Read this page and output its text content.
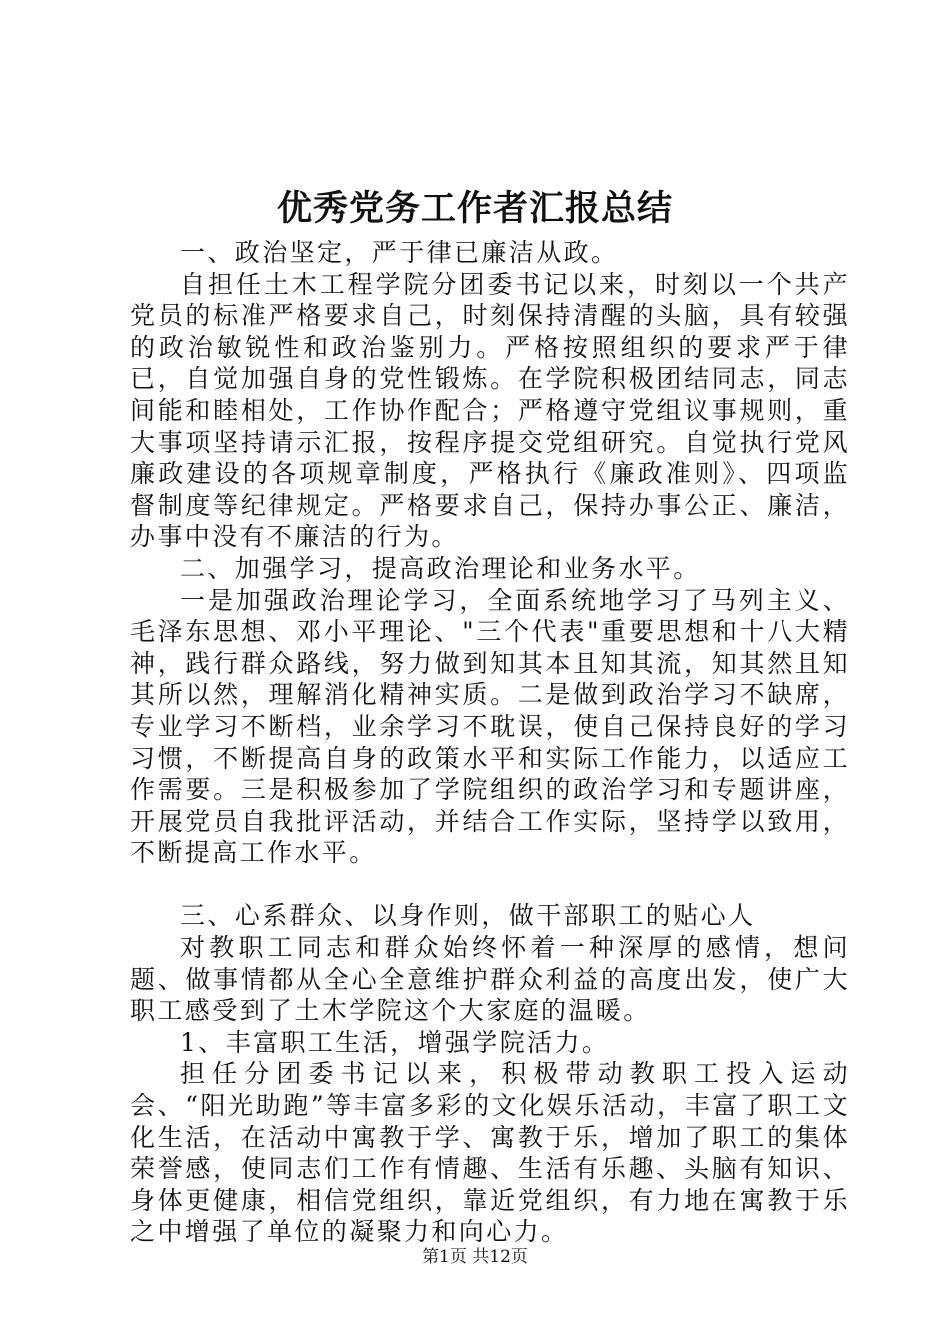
优秀党务工作者汇报总结

一、政治坚定，严于律已廉洁从政。

自担任土木工程学院分团委书记以来，时刻以一个共产党员的标准严格要求自己，时刻保持清醒的头脑，具有较强的政治敏锐性和政治鉴别力。严格按照组织的要求严于律已，自觉加强自身的党性锻炼。在学院积极团结同志，同志间能和睦相处，工作协作配合；严格遵守党组议事规则，重大事项坚持请示汇报，按程序提交党组研究。自觉执行党风廉政建设的各项规章制度，严格执行《廉政准则》、四项监督制度等纪律规定。严格要求自己，保持办事公正、廉洁，办事中没有不廉洁的行为。

二、加强学习，提高政治理论和业务水平。

一是加强政治理论学习，全面系统地学习了马列主义、毛泽东思想、邓小平理论、"三个代表"重要思想和十八大精神，践行群众路线，努力做到知其本且知其流，知其然且知其所以然，理解消化精神实质。二是做到政治学习不缺席，专业学习不断档，业余学习不耽误，使自己保持良好的学习习惯，不断提高自身的政策水平和实际工作能力，以适应工作需要。三是积极参加了学院组织的政治学习和专题讲座，开展党员自我批评活动，并结合工作实际，坚持学以致用，不断提高工作水平。

三、心系群众、以身作则，做干部职工的贴心人

对教职工同志和群众始终怀着一种深厚的感情，想问题、做事情都从全心全意维护群众利益的高度出发，使广大职工感受到了土木学院这个大家庭的温暖。

1、丰富职工生活，增强学院活力。

担任分团委书记以来，积极带动教职工投入运动会、“阳光助跑”等丰富多彩的文化娱乐活动，丰富了职工文化生活，在活动中寓教于学、寓教于乐，增加了职工的集体荣誉感，使同志们工作有情趣、生活有乐趣、头脑有知识、身体更健康，相信党组织，靠近党组织，有力地在寓教于乐之中增强了单位的凝聚力和向心力。

第1页 共12页
